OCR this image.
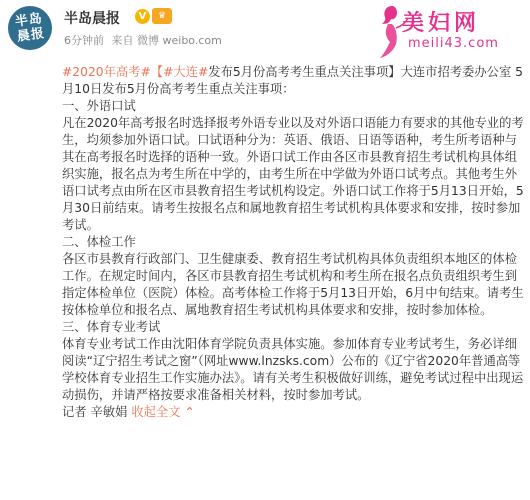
半岛晨报
半岛晨报	V	♛
6分钟前 来自 微博 weibo.com
美妇网
meili43.com

#2020年高考#【#大连#发布5月份高考考生重点关注事项】大连市招考委办公室 5月10日发布5月份高考考生重点关注事项：

一、外语口试

凡在2020年高考报名时选择报考外语专业以及对外语口语能力有要求的其他专业的考生，均须参加外语口试。口试语种分为：英语、俄语、日语等语种，考生所考语种与其在高考报名时选择的语种一致。外语口试工作由各区市县教育招生考试机构具体组织实施，报名点为考生所在中学的，由考生所在中学做为外语口试考点。其他考生外语口试考点由所在区市县教育招生考试机构设定。外语口试工作将于5月13日开始，5月30日前结束。请考生按报名点和属地教育招生考试机构具体要求和安排，按时参加考试。

二、体检工作

各区市县教育行政部门、卫生健康委、教育招生考试机构具体负责组织本地区的体检工作。在规定时间内，各区市县教育招生考试机构和考生所在报名点负责组织考生到指定体检单位（医院）体检。高考体检工作将于5月13日开始，6月中旬结束。请考生按体检单位和报名点、属地教育招生考试机构具体要求和安排，按时参加体检。

三、体育专业考试

体育专业考试工作由沈阳体育学院负责具体实施。参加体育专业考试考生，务必详细阅读“辽宁招生考试之窗”（网址www.lnzsks.com）公布的《辽宁省2020年普通高等学校体育专业招生工作实施办法》。请有关考生积极做好训练，避免考试过程中出现运动损伤，并请严格按要求准备相关材料，按时参加考试。

记者 辛敏娟 收起全文 ⌃
